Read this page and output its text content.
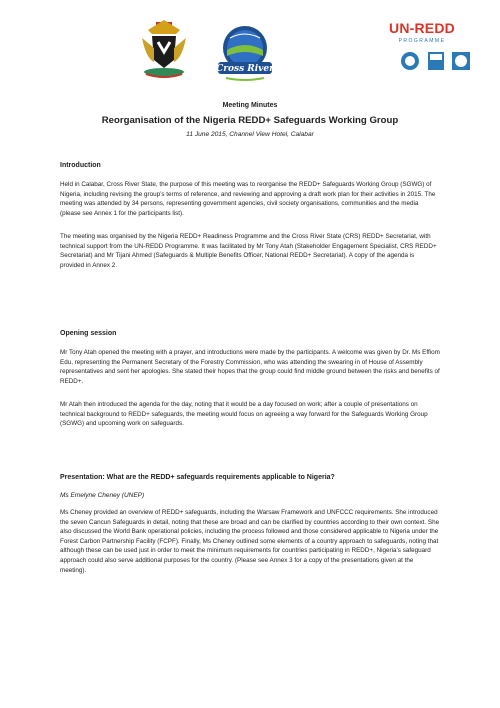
Cross River
UN-REDD
PROGRAMME
Meeting Minutes
Reorganisation of the Nigeria REDD+ Safeguards Working Group
11 June 2015, Channel View Hotel, Calabar
Introduction

Held in Calabar, Cross River State, the purpose of this meeting was to reorganise the REDD+ Safeguards Working Group (SGWG) of Nigeria, including revising the group’s terms of reference, and reviewing and approving a draft work plan for their activities in 2015. The meeting was attended by 34 persons, representing government agencies, civil society organisations, communities and the media (please see Annex 1 for the participants list).

The meeting was organised by the Nigeria REDD+ Readiness Programme and the Cross River State (CRS) REDD+ Secretariat, with technical support from the UN-REDD Programme. It was facilitated by Mr Tony Atah (Stakeholder Engagement Specialist, CRS REDD+ Secretariat) and Mr Tijani Ahmed (Safeguards & Multiple Benefits Officer, National REDD+ Secretariat). A copy of the agenda is provided in Annex 2.

Opening session

Mr Tony Atah opened the meeting with a prayer, and introductions were made by the participants. A welcome was given by Dr. Ms Effiom Edu, representing the Permanent Secretary of the Forestry Commission, who was attending the swearing in of House of Assembly representatives and sent her apologies. She stated their hopes that the group could find middle ground between the risks and benefits of REDD+.

Mr Atah then introduced the agenda for the day, noting that it would be a day focused on work; after a couple of presentations on technical background to REDD+ safeguards, the meeting would focus on agreeing a way forward for the Safeguards Working Group (SGWG) and upcoming work on safeguards.

Presentation: What are the REDD+ safeguards requirements applicable to Nigeria?
Ms Emelyne Cheney (UNEP)

Ms Cheney provided an overview of REDD+ safeguards, including the Warsaw Framework and UNFCCC requirements. She introduced the seven Cancun Safeguards in detail, noting that these are broad and can be clarified by countries according to their own context. She also discussed the World Bank operational policies, including the process followed and those considered applicable to Nigeria under the Forest Carbon Partnership Facility (FCPF). Finally, Ms Cheney outlined some elements of a country approach to safeguards, noting that although these can be used just in order to meet the minimum requirements for countries participating in REDD+, Nigeria’s safeguard approach could also serve additional purposes for the country. (Please see Annex 3 for a copy of the presentations given at the meeting).
